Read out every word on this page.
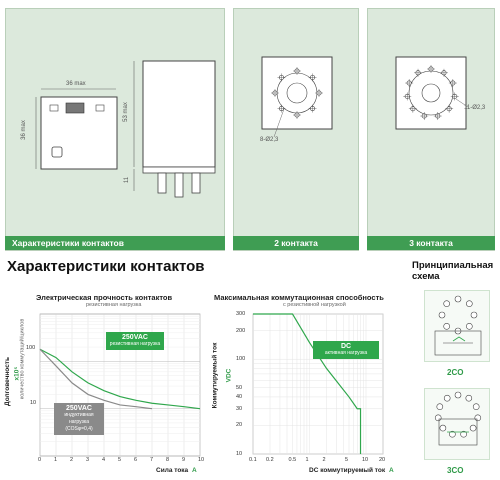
36 max
36 max
53 max
11
Характеристики контактов
8-Ø2,3
2 контакта
11-Ø2,3
3 контакта
Характеристики контактов	Принципиальная схема
Электрическая прочность контактов
резистивная нагрузка
Долговечность x10⁵
количество коммутаций/циклов 100
10
0 1 2 3 4 5 6 7 8 9 10
Сила тока A
250VAC
резистивная нагрузка
250VAC
индуктивная нагрузка (COSφ=0,4)
Максимальная коммутационная способность
с резистивной нагрузкой
Коммутируемый ток VDC
0.1 0.2	0.5 1	2	5	10 20
300
200
100
50
40
30
20
10
DC коммутируемый ток A
DC
активная нагрузка
2CO
3CO
